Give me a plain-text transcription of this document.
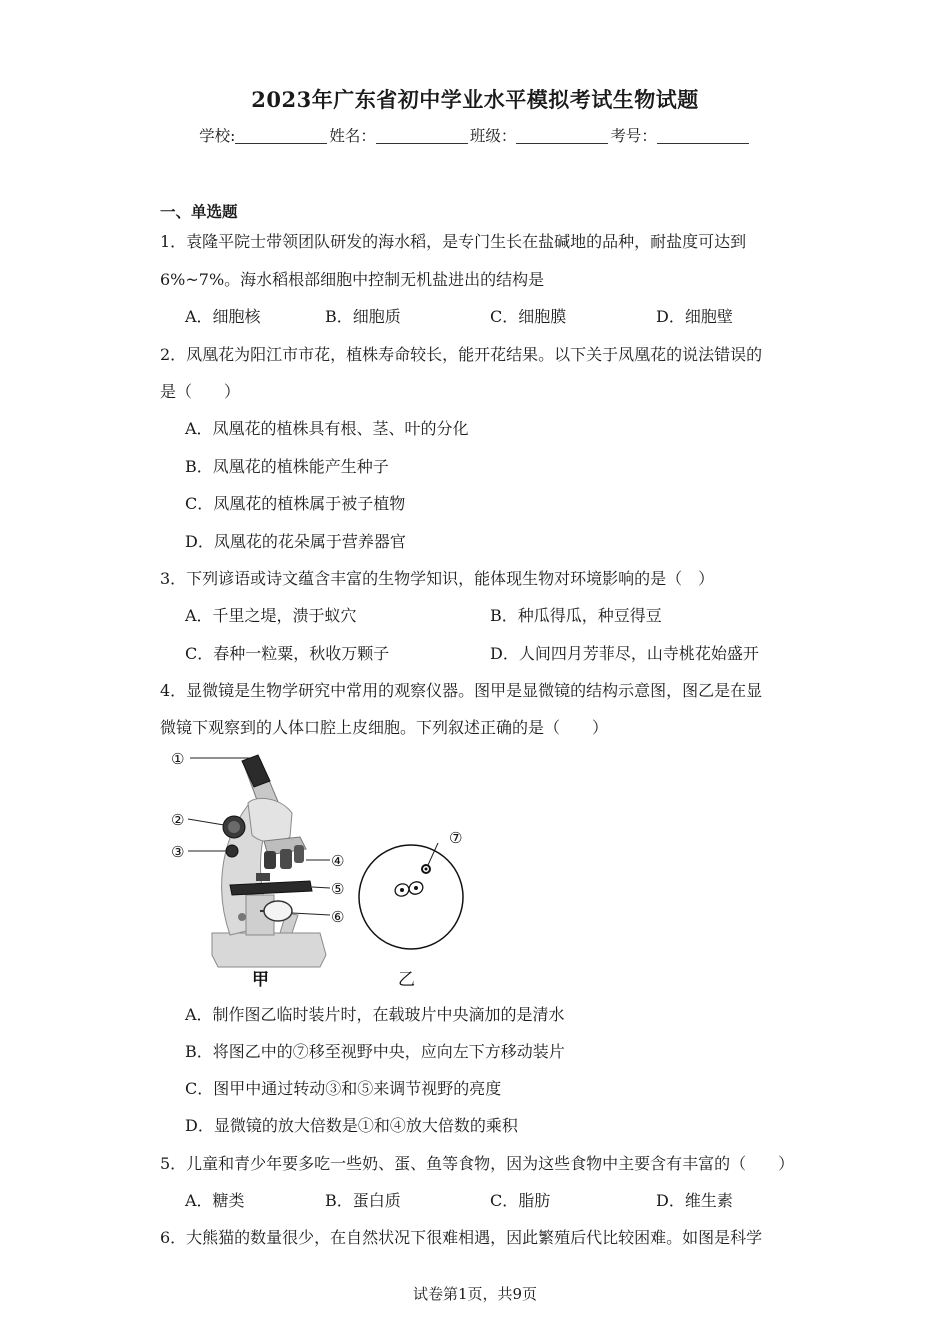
2023年广东省初中学业水平模拟考试生物试题
学校:	姓名：	班级：	考号：
一、单选题
1．袁隆平院士带领团队研发的海水稻，是专门生长在盐碱地的品种，耐盐度可达到
6%~7%。海水稻根部细胞中控制无机盐进出的结构是
A．细胞核	B．细胞质	C．细胞膜	D．细胞壁
2．凤凰花为阳江市市花，植株寿命较长，能开花结果。以下关于凤凰花的说法错误的
是（　　）
A．凤凰花的植株具有根、茎、叶的分化
B．凤凰花的植株能产生种子
C．凤凰花的植株属于被子植物
D．凤凰花的花朵属于营养器官
3．下列谚语或诗文蕴含丰富的生物学知识，能体现生物对环境影响的是（　）
A．千里之堤，溃于蚁穴	B．种瓜得瓜，种豆得豆
C．春种一粒粟，秋收万颗子	D．人间四月芳菲尽，山寺桃花始盛开
4．显微镜是生物学研究中常用的观察仪器。图甲是显微镜的结构示意图，图乙是在显
微镜下观察到的人体口腔上皮细胞。下列叙述正确的是（　　）
①
②
③	④
⑤
⑥
⑦
甲	乙
A．制作图乙临时装片时，在载玻片中央滴加的是清水
B．将图乙中的⑦移至视野中央，应向左下方移动装片
C．图甲中通过转动③和⑤来调节视野的亮度
D．显微镜的放大倍数是①和④放大倍数的乘积
5．儿童和青少年要多吃一些奶、蛋、鱼等食物，因为这些食物中主要含有丰富的（　　）
A．糖类	B．蛋白质	C．脂肪	D．维生素
6．大熊猫的数量很少，在自然状况下很难相遇，因此繁殖后代比较困难。如图是科学
试卷第1页，共9页
